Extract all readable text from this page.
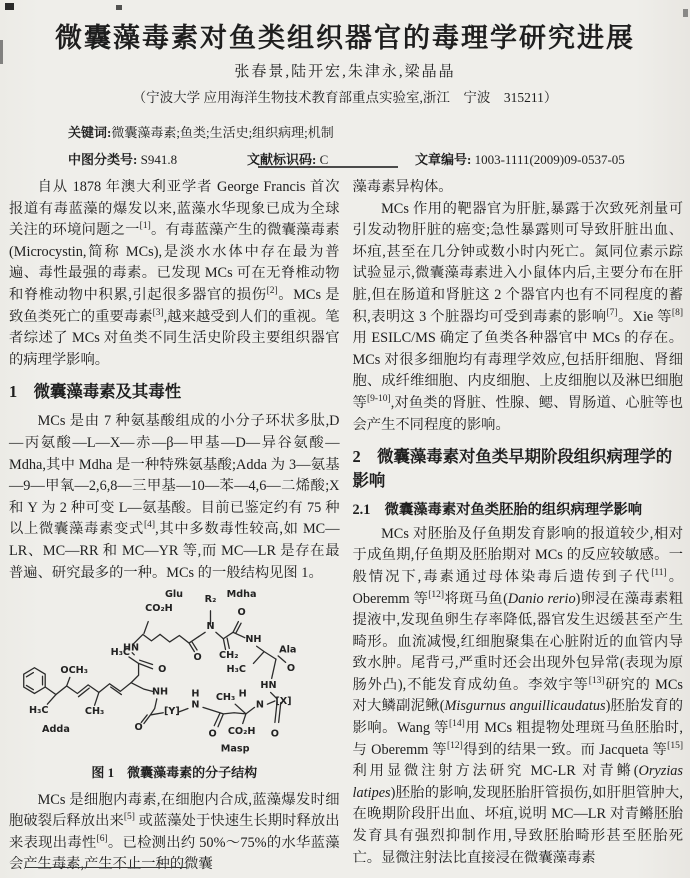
微囊藻毒素对鱼类组织器官的毒理学研究进展
张春景,陆开宏,朱津永,梁晶晶
（宁波大学 应用海洋生物技术教育部重点实验室,浙江　宁波　315211）
关键词:微囊藻毒素;鱼类;生活史;组织病理;机制
中图分类号: S941.8	文献标识码: C	文章编号: 1003-1111(2009)09-0537-05

自从 1878 年澳大利亚学者 George Francis 首次报道有毒蓝藻的爆发以来,蓝藻水华现象已成为全球关注的环境问题之一[1]。有毒蓝藻产生的微囊藻毒素(Microcystin,简称 MCs),是淡水水体中存在最为普遍、毒性最强的毒素。已发现 MCs 可在无脊椎动物和脊椎动物中积累,引起很多器官的损伤[2]。MCs 是致鱼类死亡的重要毒素[3],越来越受到人们的重视。笔者综述了 MCs 对鱼类不同生活史阶段主要组织器官的病理学影响。

1　微囊藻毒素及其毒性

MCs 是由 7 种氨基酸组成的小分子环状多肽,D—丙氨酸—L—X—赤—β—甲基—D—异谷氨酸—Mdha,其中 Mdha 是一种特殊氨基酸;Adda 为 3—氨基—9—甲氧—2,6,8—三甲基—10—苯—4,6—二烯酸;X 和 Y 为 2 种可变 L—氨基酸。目前已鉴定约有 75 种以上微囊藻毒素变式[4],其中多数毒性较高,如 MC—LR、MC—RR 和 MC—YR 等,而 MC—LR 是存在最普遍、研究最多的一种。MCs 的一般结构见图 1。

Glu
CO₂H
R₂ Mdha
O
HN
N
O CH₂
NH
Ala
H₃C
O	H₃C	O
OCH₃
HN
NH
H₃C	CH₃
Adda	O
[Y]
H
N
O
CH₃ H
N [X]
CO₂H O
Masp
图 1　微囊藻毒素的分子结构

MCs 是细胞内毒素,在细胞内合成,蓝藻爆发时细胞破裂后释放出来[5] 或蓝藻处于快速生长期时释放出来表现出毒性[6]。已检测出约 50%～75%的水华蓝藻会产生毒素,产生不止一种的微囊

藻毒素异构体。

MCs 作用的靶器官为肝脏,暴露于次致死剂量可引发动物肝脏的癌变;急性暴露则可导致肝脏出血、坏疽,甚至在几分钟或数小时内死亡。氮同位素示踪试验显示,微囊藻毒素进入小鼠体内后,主要分布在肝脏,但在肠道和肾脏这 2 个器官内也有不同程度的蓄积,表明这 3 个脏器均可受到毒素的影响[7]。Xie 等[8]用 ESILC/MS 确定了鱼类各种器官中 MCs 的存在。MCs 对很多细胞均有毒理学效应,包括肝细胞、肾细胞、成纤维细胞、内皮细胞、上皮细胞以及淋巴细胞等[9-10],对鱼类的肾脏、性腺、鳃、胃肠道、心脏等也会产生不同程度的影响。

2　微囊藻毒素对鱼类早期阶段组织病理学的影响
2.1　微囊藻毒素对鱼类胚胎的组织病理学影响

MCs 对胚胎及仔鱼期发育影响的报道较少,相对于成鱼期,仔鱼期及胚胎期对 MCs 的反应较敏感。一般情况下,毒素通过母体染毒后遗传到子代[11]。Oberemm 等[12]将斑马鱼(Danio rerio)卵浸在藻毒素粗提液中,发现鱼卵生存率降低,器官发生迟缓甚至产生畸形。血流减慢,红细胞聚集在心脏附近的血管内导致水肿。尾背弓,严重时还会出现外包异常(表现为原肠外凸),不能发育成幼鱼。李效宇等[13]研究的 MCs 对大鳞副泥鳅(Misgurnus anguillicaudatus)胚胎发育的影响。Wang 等[14]用 MCs 粗提物处理斑马鱼胚胎时,与 Oberemm 等[12]得到的结果一致。而 Jacqueta 等[15]利用显微注射方法研究 MC-LR 对青鳉(Oryzias latipes)胚胎的影响,发现胚胎肝管损伤,如肝胆管肿大,在晚期阶段肝出血、坏疽,说明 MC—LR 对青鳉胚胎发育具有强烈抑制作用,导致胚胎畸形甚至胚胎死亡。显微注射法比直接浸在微囊藻毒素
